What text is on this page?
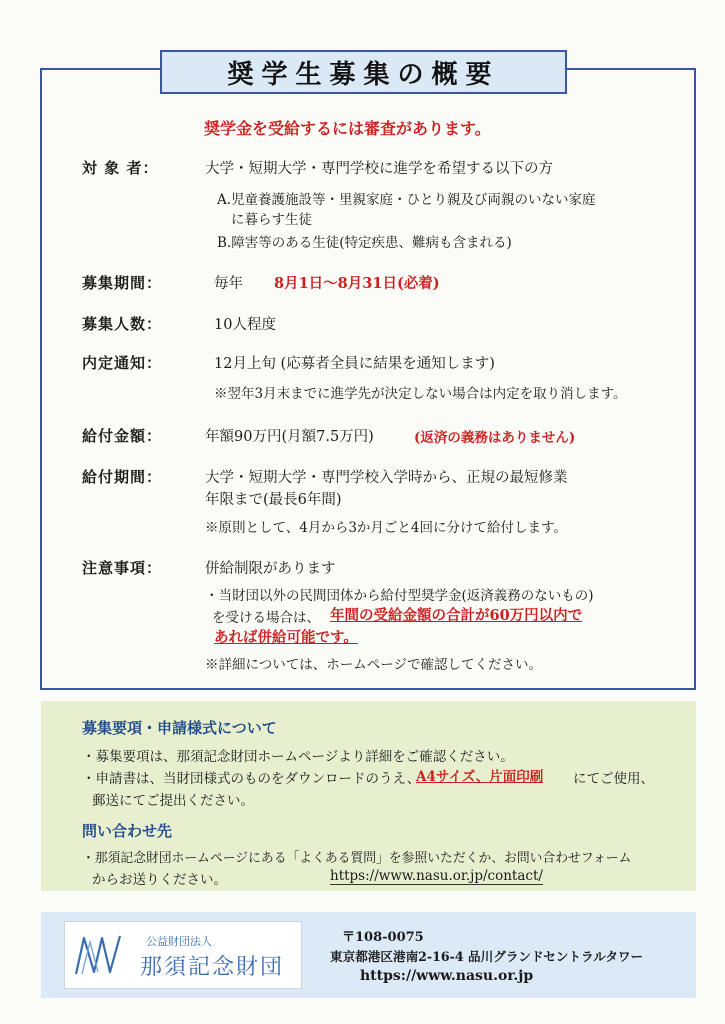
奨学生募集の概要
奨学金を受給するには審査があります。
対 象 者：	大学・短期大学・専門学校に進学を希望する以下の方
A.児童養護施設等・里親家庭・ひとり親及び両親のいない家庭
に暮らす生徒
B.障害等のある生徒(特定疾患、難病も含まれる)
募集期間：	毎年 8月1日～8月31日(必着)
募集人数：	10人程度
内定通知：	12月上旬 (応募者全員に結果を通知します)
※翌年3月末までに進学先が決定しない場合は内定を取り消します。
給付金額：	年額90万円(月額7.5万円)	(返済の義務はありません)
給付期間：	大学・短期大学・専門学校入学時から、正規の最短修業
年限まで(最長6年間)
※原則として、4月から3か月ごと4回に分けて給付します。
注意事項：	併給制限があります
・当財団以外の民間団体から給付型奨学金(返済義務のないもの)
を受ける場合は、 年間の受給金額の合計が60万円以内で
あれば併給可能です。
※詳細については、ホームページで確認してください。
募集要項・申請様式について
・募集要項は、那須記念財団ホームページより詳細をご確認ください。
・申請書は、当財団様式のものをダウンロードのうえ、
A4サイズ、片面印刷 にてご使用、
郵送にてご提出ください。
問い合わせ先
・那須記念財団ホームページにある「よくある質問」を参照いただくか、お問い合わせフォーム
からお送りください。	https://www.nasu.or.jp/contact/
公益財団法人
那須記念財団
〒108-0075
東京都港区港南2-16-4 品川グランドセントラルタワー
https://www.nasu.or.jp
